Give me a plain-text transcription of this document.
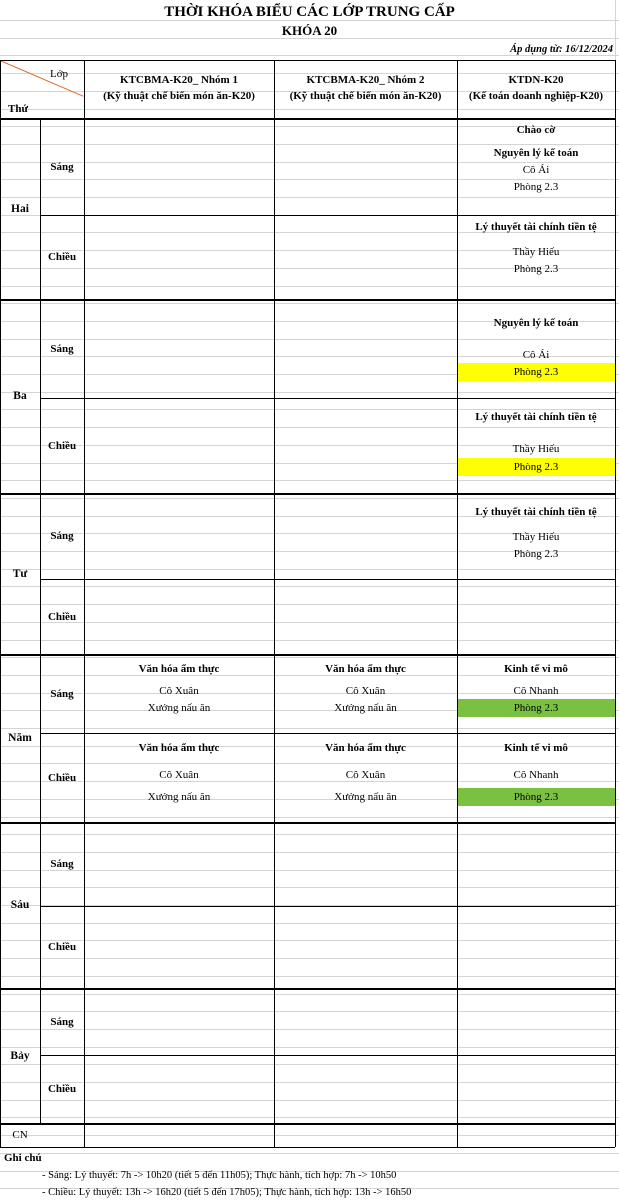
THỜI KHÓA BIỂU CÁC LỚP TRUNG CẤP
KHÓA 20
Áp dụng từ: 16/12/2024
Lớp
Thứ
KTCBMA-K20_ Nhóm 1
(Kỹ thuật chế biến món ăn-K20)
KTCBMA-K20_ Nhóm 2
(Kỹ thuật chế biến món ăn-K20)
KTDN-K20
(Kế toán doanh nghiệp-K20)
Hai
Sáng
Chào cờ
Nguyên lý kế toán
Cô Ái
Phòng 2.3
Chiều
Lý thuyết tài chính tiền tệ
Thầy Hiếu
Phòng 2.3
Ba
Sáng
Nguyên lý kế toán
Cô Ái
Phòng 2.3
Chiều
Lý thuyết tài chính tiền tệ
Thầy Hiếu
Phòng 2.3
Tư
Sáng
Lý thuyết tài chính tiền tệ
Thầy Hiếu
Phòng 2.3
Chiều
Năm
Sáng
Văn hóa ẩm thực
Cô Xuân
Xưởng nấu ăn
Văn hóa ẩm thực
Cô Xuân
Xưởng nấu ăn
Kinh tế vi mô
Cô Nhanh
Phòng 2.3
Chiều
Văn hóa ẩm thực
Cô Xuân
Xưởng nấu ăn
Văn hóa ẩm thực
Cô Xuân
Xưởng nấu ăn
Kinh tế vi mô
Cô Nhanh
Phòng 2.3
Sáu
Sáng
Chiều
Bảy
Sáng
Chiều
CN
Ghi chú
- Sáng: Lý thuyết: 7h -> 10h20 (tiết 5 đến 11h05); Thực hành, tích hợp: 7h -> 10h50
- Chiều: Lý thuyết: 13h -> 16h20 (tiết 5 đến 17h05); Thực hành, tích hợp: 13h -> 16h50
